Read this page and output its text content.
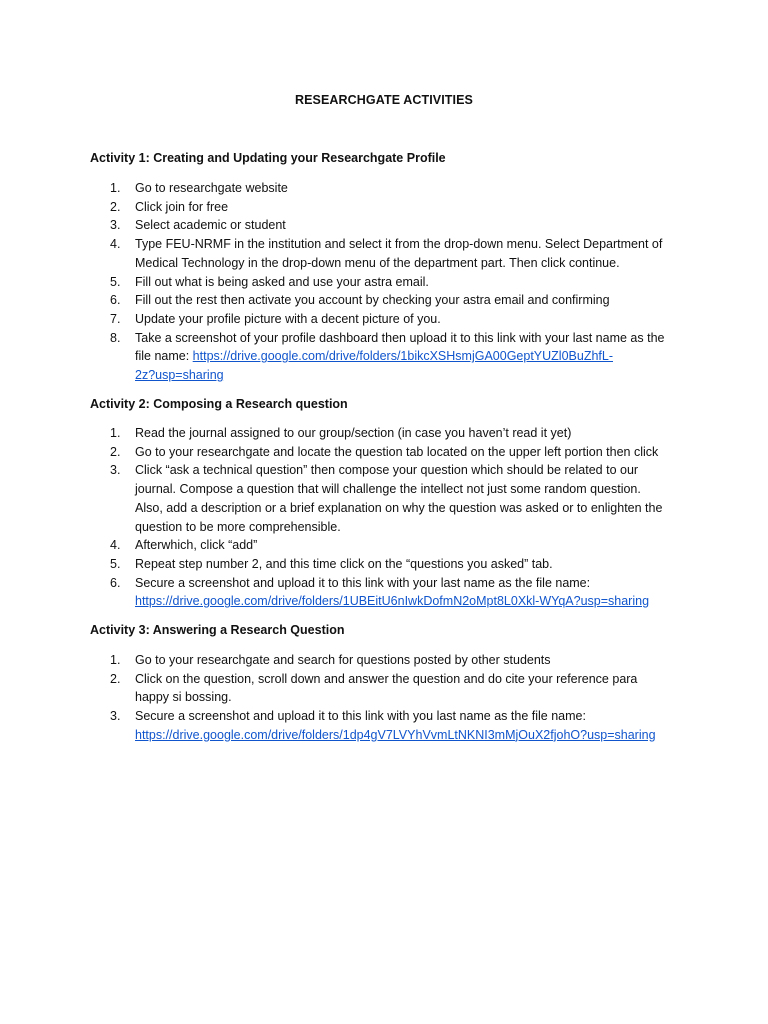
RESEARCHGATE ACTIVITIES
Activity 1: Creating and Updating your Researchgate Profile
1. Go to researchgate website
2. Click join for free
3. Select academic or student
4. Type FEU-NRMF in the institution and select it from the drop-down menu. Select Department of
Medical Technology in the drop-down menu of the department part. Then click continue.
5. Fill out what is being asked and use your astra email.
6. Fill out the rest then activate you account by checking your astra email and confirming
7. Update your profile picture with a decent picture of you.
8. Take a screenshot of your profile dashboard then upload it to this link with your last name as the
file name: https://drive.google.com/drive/folders/1bikcXSHsmjGA00GeptYUZl0BuZhfL-
2z?usp=sharing
Activity 2: Composing a Research question
1. Read the journal assigned to our group/section (in case you haven’t read it yet)
2. Go to your researchgate and locate the question tab located on the upper left portion then click
3. Click “ask a technical question” then compose your question which should be related to our
journal. Compose a question that will challenge the intellect not just some random question.
Also, add a description or a brief explanation on why the question was asked or to enlighten the
question to be more comprehensible.
4. Afterwhich, click “add”
5. Repeat step number 2, and this time click on the “questions you asked” tab.
6. Secure a screenshot and upload it to this link with your last name as the file name:
https://drive.google.com/drive/folders/1UBEitU6nIwkDofmN2oMpt8L0Xkl-WYqA?usp=sharing
Activity 3: Answering a Research Question
1. Go to your researchgate and search for questions posted by other students
2. Click on the question, scroll down and answer the question and do cite your reference para
happy si bossing.
3. Secure a screenshot and upload it to this link with you last name as the file name:
https://drive.google.com/drive/folders/1dp4gV7LVYhVvmLtNKNI3mMjOuX2fjohO?usp=sharing
